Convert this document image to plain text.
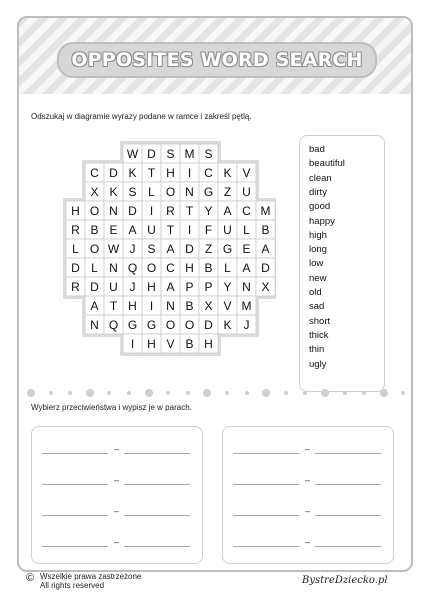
OPPOSITES WORD SEARCH
Odszukaj w diagramie wyrazy podane w ramce i zakreśl pętlą.
W D S M S
C D K T H	I	C K V
X K S L O N G Z U
H O N D	I	R T Y A C M
R B E A U T	I	F U L B
L O W J S A D Z G E A
D L N Q O C H B L A D
R D U J H A P P Y N X
A T H	I	N B X V M
N Q G G O O D K	J
I	H V B H
bad
beautiful
clean
dirty
good
happy
high
long
low
new
old
sad
short
thick
thin
ugly
Wybierz przeciwieństwa i wypisz je w parach.
–
–
–
–
–
–
–
–
© Wszelkie prawa zastrzeżone
All rights reserved	BystreDziecko.pl
